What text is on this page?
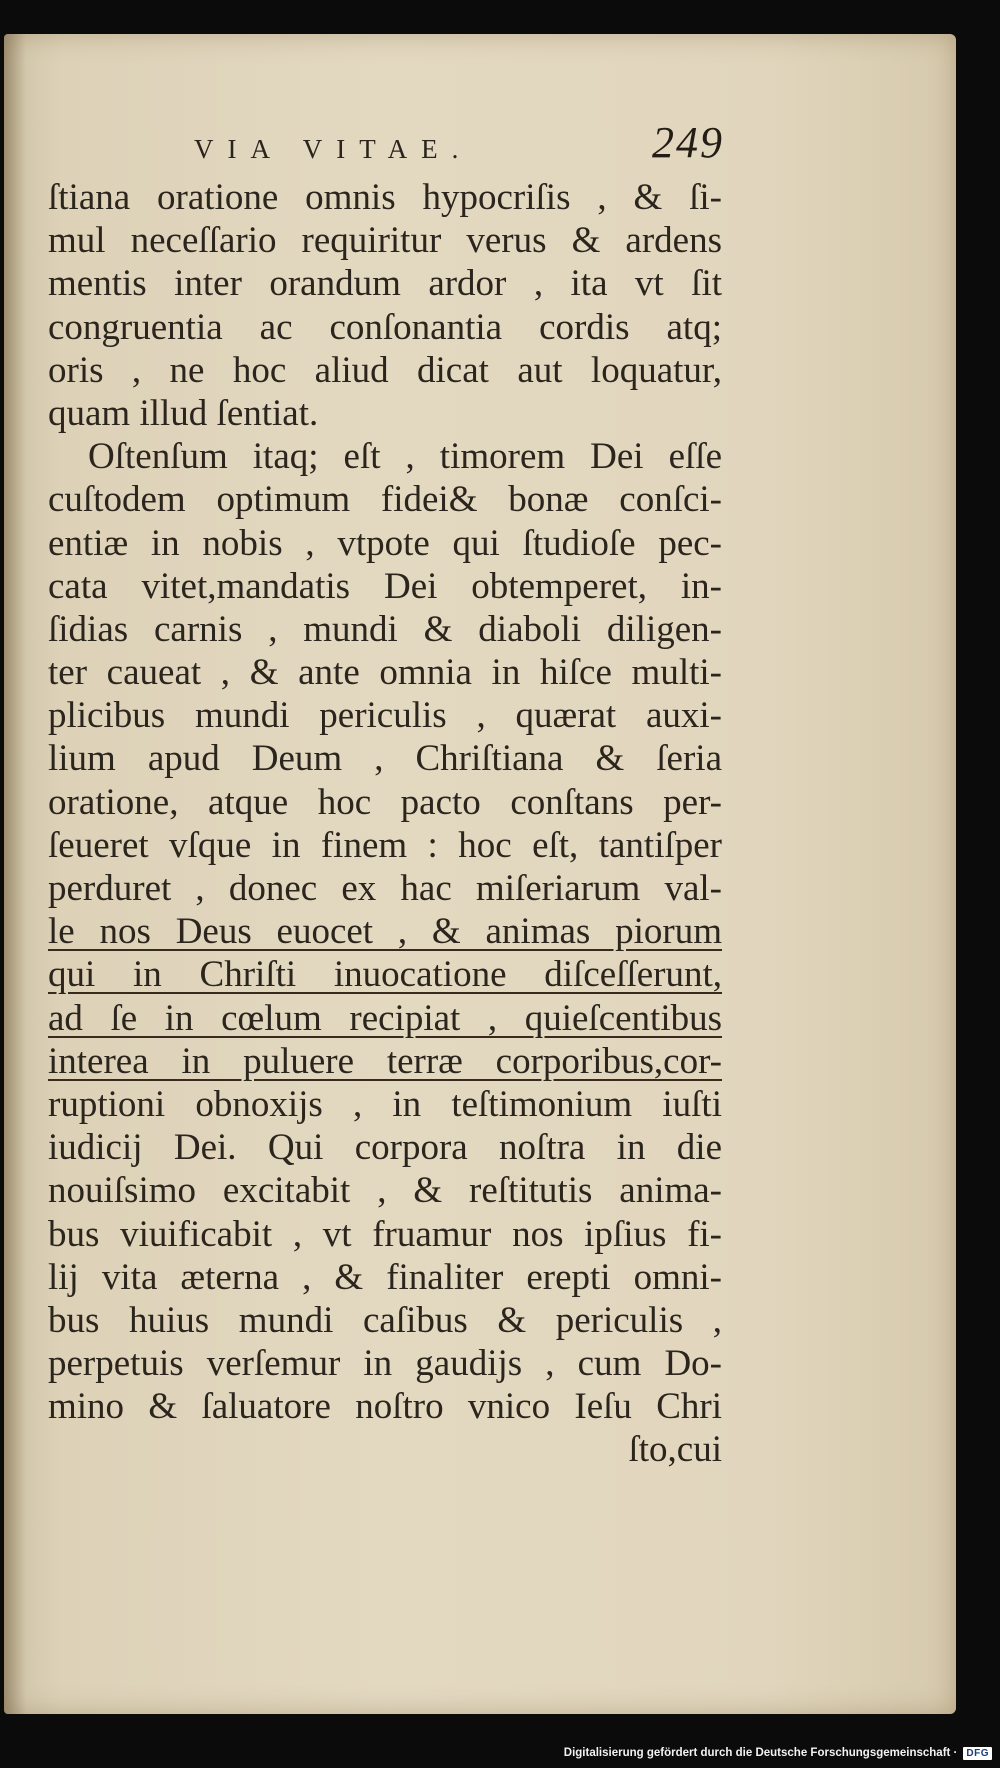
VIA VITAE.	249
ſtiana oratione omnis hypocriſis , & ſi-
mul neceſſario requiritur verus & ardens
mentis inter orandum ardor , ita vt ſit
congruentia ac conſonantia cordis atq;
oris , ne hoc aliud dicat aut loquatur,
quam illud ſentiat.
Oſtenſum itaq; eſt , timorem Dei eſſe
cuſtodem optimum fidei& bonæ conſci-
entiæ in nobis , vtpote qui ſtudioſe pec-
cata vitet,mandatis Dei obtemperet, in-
ſidias carnis , mundi & diaboli diligen-
ter caueat , & ante omnia in hiſce multi-
plicibus mundi periculis , quærat auxi-
lium apud Deum , Chriſtiana & ſeria
oratione, atque hoc pacto conſtans per-
ſeueret vſque in finem : hoc eſt, tantiſper
perduret , donec ex hac miſeriarum val-
le nos Deus euocet , & animas piorum
qui in Chriſti inuocatione diſceſſerunt,
ad ſe in cœlum recipiat , quieſcentibus
interea in puluere terræ corporibus,cor-
ruptioni obnoxijs , in teſtimonium iuſti
iudicij Dei. Qui corpora noſtra in die
nouiſsimo excitabit , & reſtitutis anima-
bus viuificabit , vt fruamur nos ipſius fi-
lij vita æterna , & finaliter erepti omni-
bus huius mundi caſibus & periculis ,
perpetuis verſemur in gaudijs , cum Do-
mino & ſaluatore noſtro vnico Ieſu Chri
ſto,cui
Digitalisierung gefördert durch die Deutsche Forschungsgemeinschaft · DFG
